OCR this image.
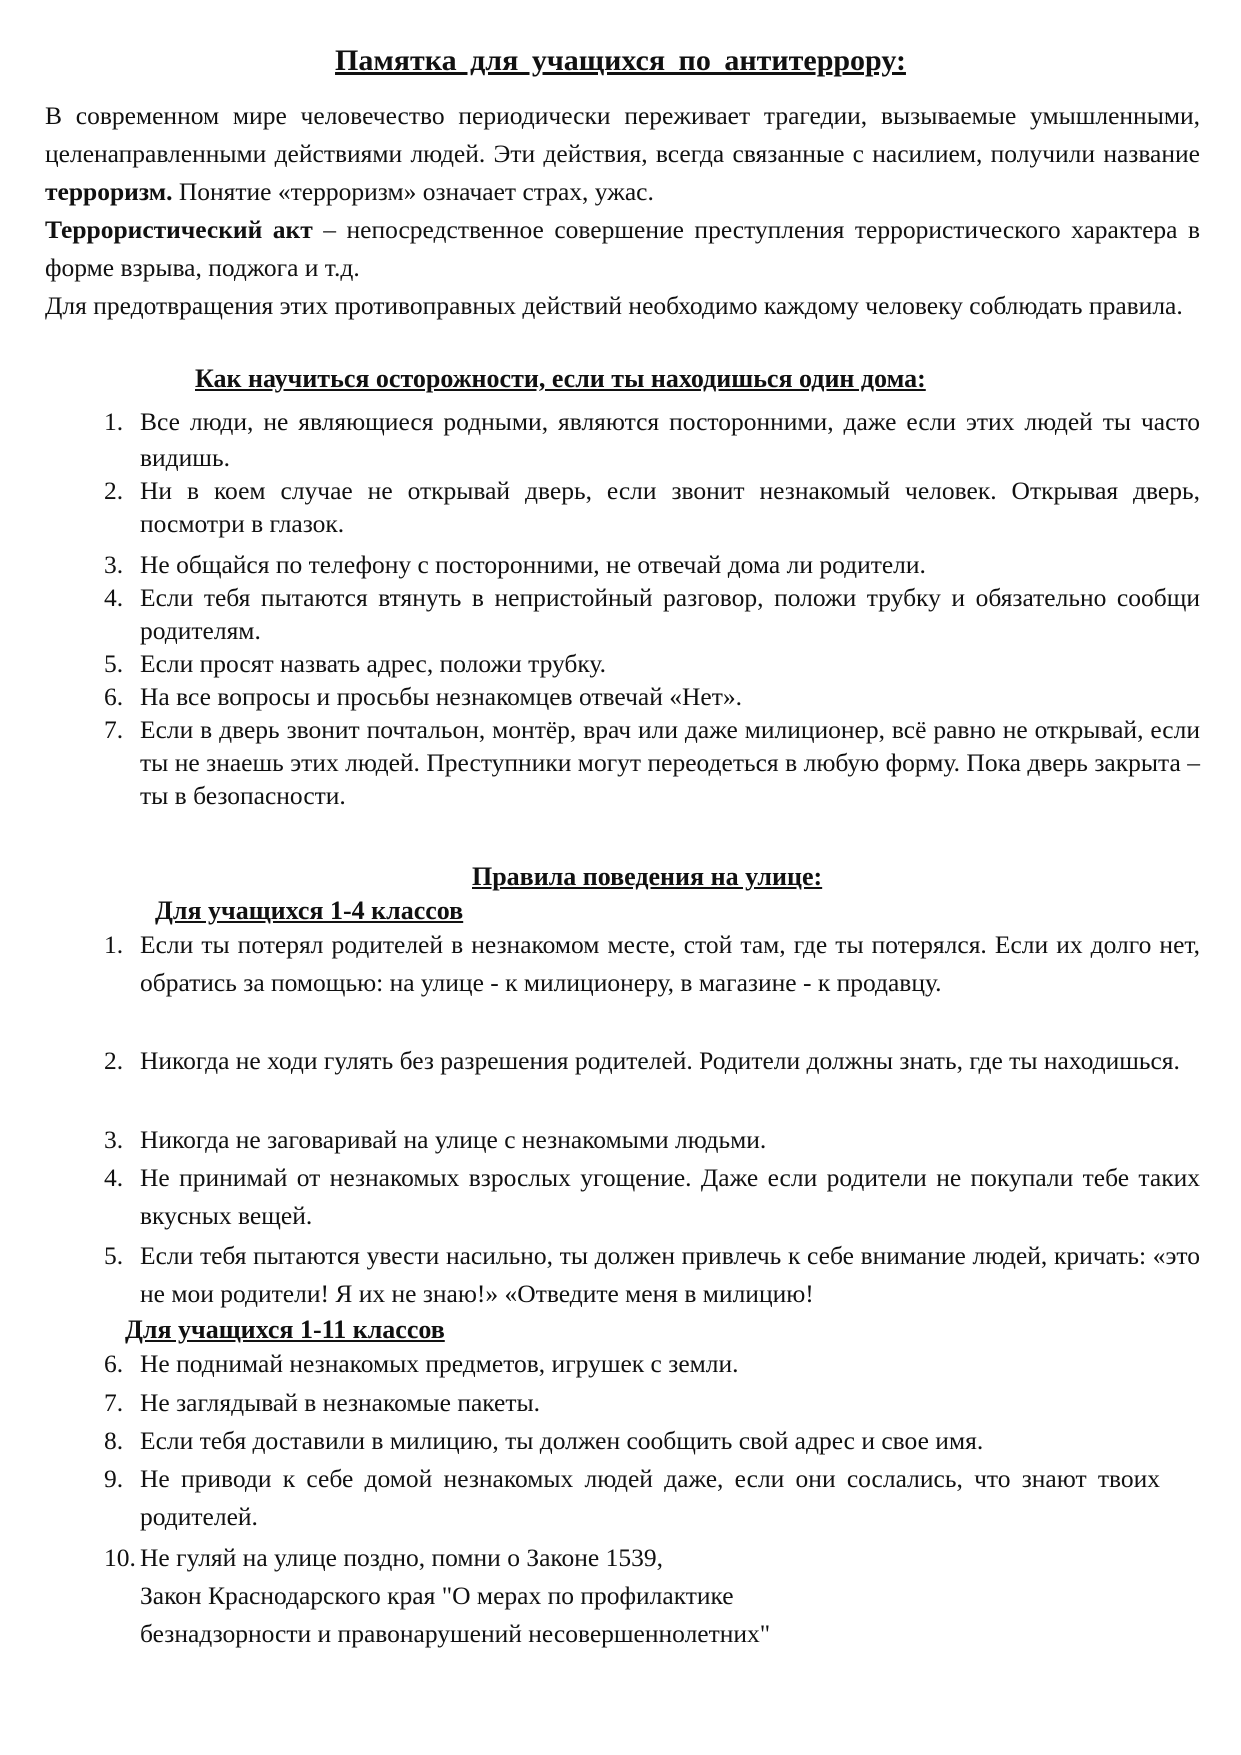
Памятка для учащихся по антитеррору:

В современном мире человечество периодически переживает трагедии, вызываемые умышленными, целенаправленными действиями людей. Эти действия, всегда связанные с насилием, получили название терроризм. Понятие «терроризм» означает страх, ужас.

Террористический акт – непосредственное совершение преступления террористического характера в форме взрыва, поджога и т.д.

Для предотвращения этих противоправных действий необходимо каждому человеку соблюдать правила.

Как научиться осторожности, если ты находишься один дома:
1. Все люди, не являющиеся родными, являются посторонними, даже если этих людей ты часто видишь.

2. Ни в коем случае не открывай дверь, если звонит незнакомый человек. Открывая дверь, посмотри в глазок.

3. Не общайся по телефону с посторонними, не отвечай дома ли родители.

4. Если тебя пытаются втянуть в непристойный разговор, положи трубку и обязательно сообщи родителям.

5. Если просят назвать адрес, положи трубку.

6. На все вопросы и просьбы незнакомцев отвечай «Нет».

7. Если в дверь звонит почтальон, монтёр, врач или даже милиционер, всё равно не открывай, если ты не знаешь этих людей. Преступники могут переодеться в любую форму. Пока дверь закрыта – ты в безопасности.

Правила поведения на улице:
Для учащихся 1-4 классов
1. Если ты потерял родителей в незнакомом месте, стой там, где ты потерялся. Если их долго нет, обратись за помощью: на улице - к милиционеру, в магазине - к продавцу.

2. Никогда не ходи гулять без разрешения родителей. Родители должны знать, где ты находишься.

3. Никогда не заговаривай на улице с незнакомыми людьми.

4. Не принимай от незнакомых взрослых угощение. Даже если родители не покупали тебе таких вкусных вещей.

5. Если тебя пытаются увести насильно, ты должен привлечь к себе внимание людей, кричать: «это не мои родители! Я их не знаю!» «Отведите меня в милицию!

Для учащихся 1-11 классов
6. Не поднимай незнакомых предметов, игрушек с земли.

7. Не заглядывай в незнакомые пакеты.

8. Если тебя доставили в милицию, ты должен сообщить свой адрес и свое имя.

9. Не приводи к себе домой незнакомых людей даже, если они сослались, что знают твоих родителей.

10. Не гуляй на улице поздно, помни о Законе 1539,
Закон Краснодарского края "О мерах по профилактике
безнадзорности и правонарушений несовершеннолетних"
